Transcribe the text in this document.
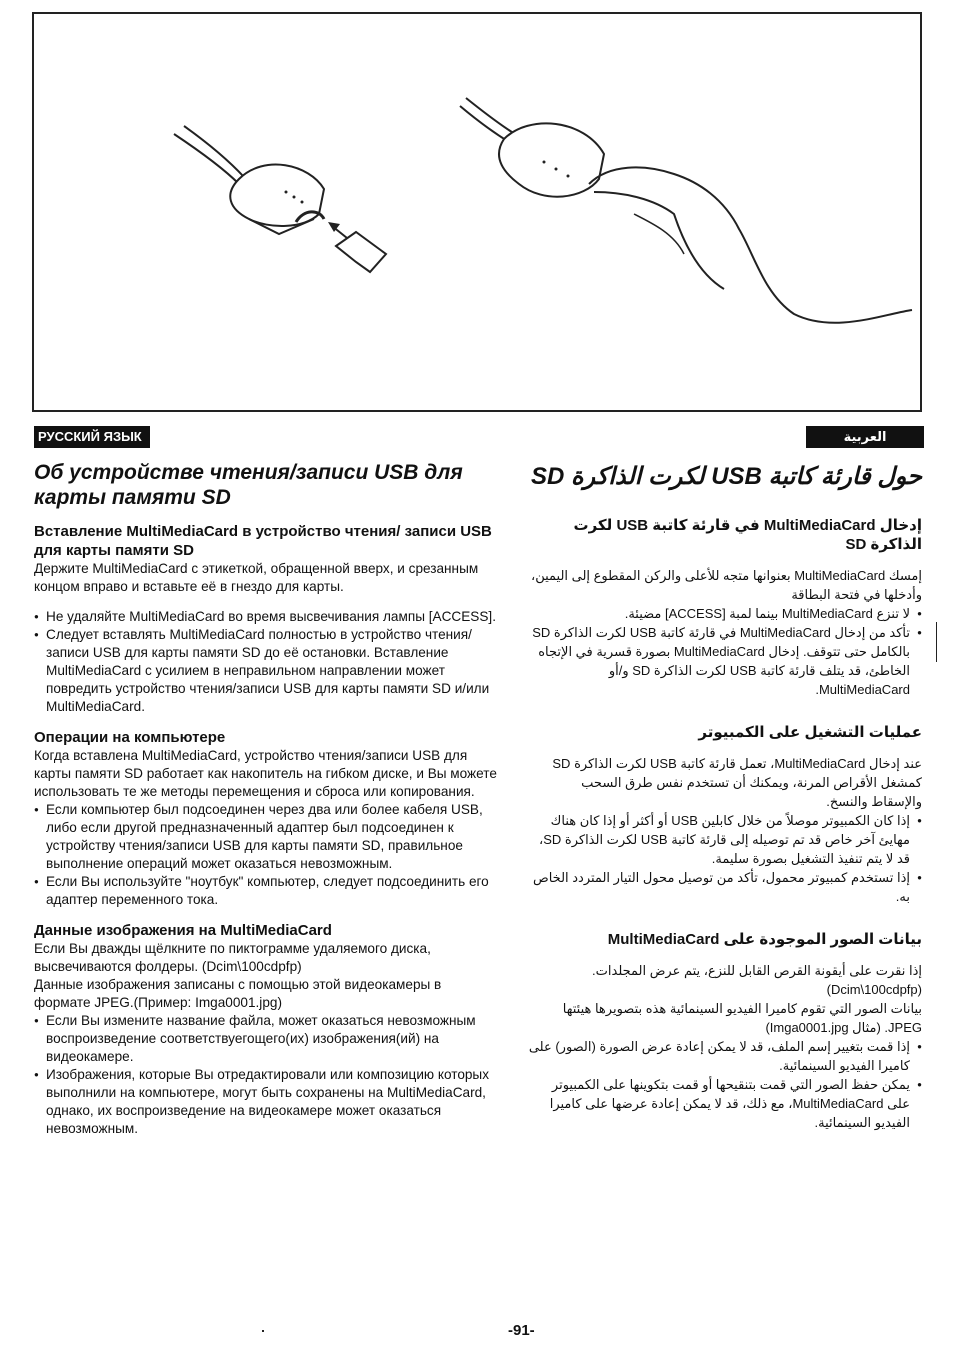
РУССКИЙ ЯЗЫК	العربية
Об устройстве чтения/записи USB для карты памяти SD
Вставление MultiMediaCard в устройство чтения/ записи USB для карты памяти SD

Держите MultiMediaCard с этикеткой, обращенной вверх, и срезанным концом вправо и вставьте её в гнездо для карты.

● Не удаляйте MultiMediaCard во время высвечивания лампы [ACCESS].

● Следует вставлять MultiMediaCard полностью в устройство чтения/записи USB для карты памяти SD до её остановки. Вставление MultiMediaCard с усилием в неправильном направлении может повредить устройство чтения/записи USB для карты памяти SD и/или MultiMediaCard.

Операции на компьютере

Когда вставлена MultiMediaCard, устройство чтения/записи USB для карты памяти SD работает как накопитель на гибком диске, и Вы можете использовать те же методы перемещения и сброса или копирования.

● Если компьютер был подсоединен через два или более кабеля USB, либо если другой предназначенный адаптер был подсоединен к устройству чтения/записи USB для карты памяти SD, правильное выполнение операций может оказаться невозможным.

● Если Вы используйте "ноутбук" компьютер, следует подсоединить его адаптер переменного тока.

Данные изображения на MultiMediaCard

Если Вы дважды щёлкните по пиктограмме удаляемого диска, высвечиваются фолдеры. (Dcim\100cdpfp)

Данные изображения записаны с помощью этой видеокамеры в формате JPEG.(Пример: Imga0001.jpg)

● Если Вы измените название файла, может оказаться невозможным воспроизведение соответствуегощего(их) изображения(ий) на видеокамере.

● Изображения, которые Вы отредактировали или композицию которых выполнили на компьютере, могут быть сохранены на MultiMediaCard, однако, их воспроизведение на видеокамере может оказаться невозможным.

حول قارئة كاتبة USB لكرت الذاكرة SD
إدخال MultiMediaCard في قارئة كاتبة USB لكرت الذاكرة SD

إمسك MultiMediaCard بعنوانها متجه للأعلى والركن المقطوع إلى اليمين، وأدخلها في فتحة البطاقة

● لا تنزع MultiMediaCard بينما لمبة [ACCESS] مضيئة.

● تأكد من إدخال MultiMediaCard في قارئة كاتبة USB لكرت الذاكرة SD بالكامل حتى تتوقف. إدخال MultiMediaCard بصورة قسرية في الإتجاه الخاطئ، قد يتلف قارئة كاتبة USB لكرت الذاكرة SD و/أو MultiMediaCard.

عمليات التشغيل على الكمبيوتر

عند إدخال MultiMediaCard، تعمل قارئة كاتبة USB لكرت الذاكرة SD كمشغل الأقراص المرنة، ويمكنك أن تستخدم نفس طرق السحب والإسقاط والنسخ.

● إذا كان الكمبيوتر موصلاً من خلال كابلين USB أو أكثر أو إذا كان هناك مهايئ آخر خاص قد تم توصيله إلى قارئة كاتبة USB لكرت الذاكرة SD، قد لا يتم تنفيذ التشغيل بصورة سليمة.

● إذا تستخدم كمبيوتر محمول، تأكد من توصيل محول التيار المتردد الخاص به.

بيانات الصور الموجودة على MultiMediaCard

إذا نقرت على أيقونة القرص القابل للنزع، يتم عرض المجلدات. (Dcim\100cdpfp)

بيانات الصور التي تقوم كاميرا الفيديو السينمائية هذه بتصويرها هيئتها JPEG. (مثال Imga0001.jpg)

● إذا قمت بتغيير إسم الملف، قد لا يمكن إعادة عرض الصورة (الصور) على كاميرا الفيديو السينمائية.

● يمكن حفظ الصور التي قمت بتنقيحها أو قمت بتكوينها على الكمبيوتر على MultiMediaCard، مع ذلك، قد لا يمكن إعادة عرضها على كاميرا الفيديو السينمائية.

-91-
